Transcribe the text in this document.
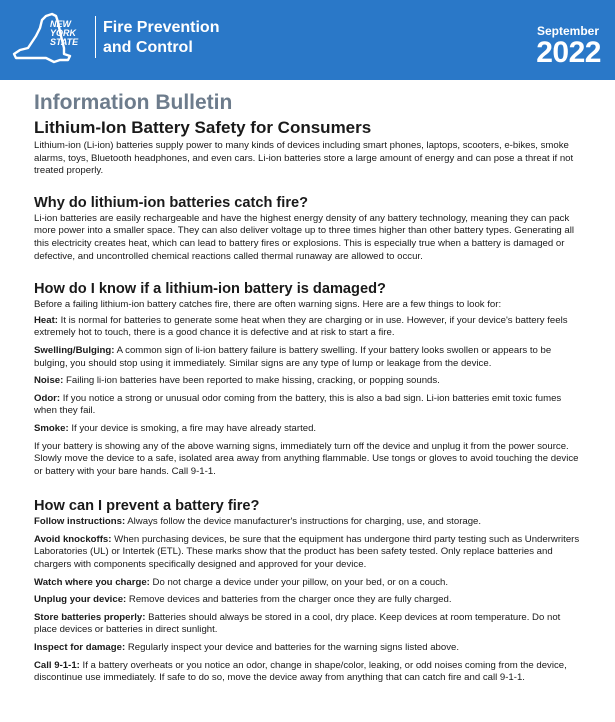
NEW
YORK
STATE
Fire Prevention
and Control
September
2022
Information Bulletin
Lithium-Ion Battery Safety for Consumers

Lithium-ion (Li-ion) batteries supply power to many kinds of devices including smart phones, laptops, scooters, e-bikes, smoke alarms, toys, Bluetooth headphones, and even cars. Li-ion batteries store a large amount of energy and can pose a threat if not treated properly.

Why do lithium-ion batteries catch fire?

Li-ion batteries are easily rechargeable and have the highest energy density of any battery technology, meaning they can pack more power into a smaller space. They can also deliver voltage up to three times higher than other battery types. Generating all this electricity creates heat, which can lead to battery fires or explosions. This is especially true when a battery is damaged or defective, and uncontrolled chemical reactions called thermal runaway are allowed to occur.

How do I know if a lithium-ion battery is damaged?

Before a failing lithium-ion battery catches fire, there are often warning signs. Here are a few things to look for:

Heat: It is normal for batteries to generate some heat when they are charging or in use. However, if your device's battery feels extremely hot to touch, there is a good chance it is defective and at risk to start a fire.

Swelling/Bulging: A common sign of li-ion battery failure is battery swelling. If your battery looks swollen or appears to be bulging, you should stop using it immediately. Similar signs are any type of lump or leakage from the device.

Noise: Failing li-ion batteries have been reported to make hissing, cracking, or popping sounds.

Odor: If you notice a strong or unusual odor coming from the battery, this is also a bad sign. Li-ion batteries emit toxic fumes when they fail.

Smoke: If your device is smoking, a fire may have already started.

If your battery is showing any of the above warning signs, immediately turn off the device and unplug it from the power source. Slowly move the device to a safe, isolated area away from anything flammable. Use tongs or gloves to avoid touching the device or battery with your bare hands. Call 9-1-1.

How can I prevent a battery fire?

Follow instructions: Always follow the device manufacturer's instructions for charging, use, and storage.

Avoid knockoffs: When purchasing devices, be sure that the equipment has undergone third party testing such as Underwriters Laboratories (UL) or Intertek (ETL). These marks show that the product has been safety tested. Only replace batteries and chargers with components specifically designed and approved for your device.

Watch where you charge: Do not charge a device under your pillow, on your bed, or on a couch.

Unplug your device: Remove devices and batteries from the charger once they are fully charged.

Store batteries properly: Batteries should always be stored in a cool, dry place. Keep devices at room temperature. Do not place devices or batteries in direct sunlight.

Inspect for damage: Regularly inspect your device and batteries for the warning signs listed above.

Call 9-1-1: If a battery overheats or you notice an odor, change in shape/color, leaking, or odd noises coming from the device, discontinue use immediately. If safe to do so, move the device away from anything that can catch fire and call 9-1-1.
